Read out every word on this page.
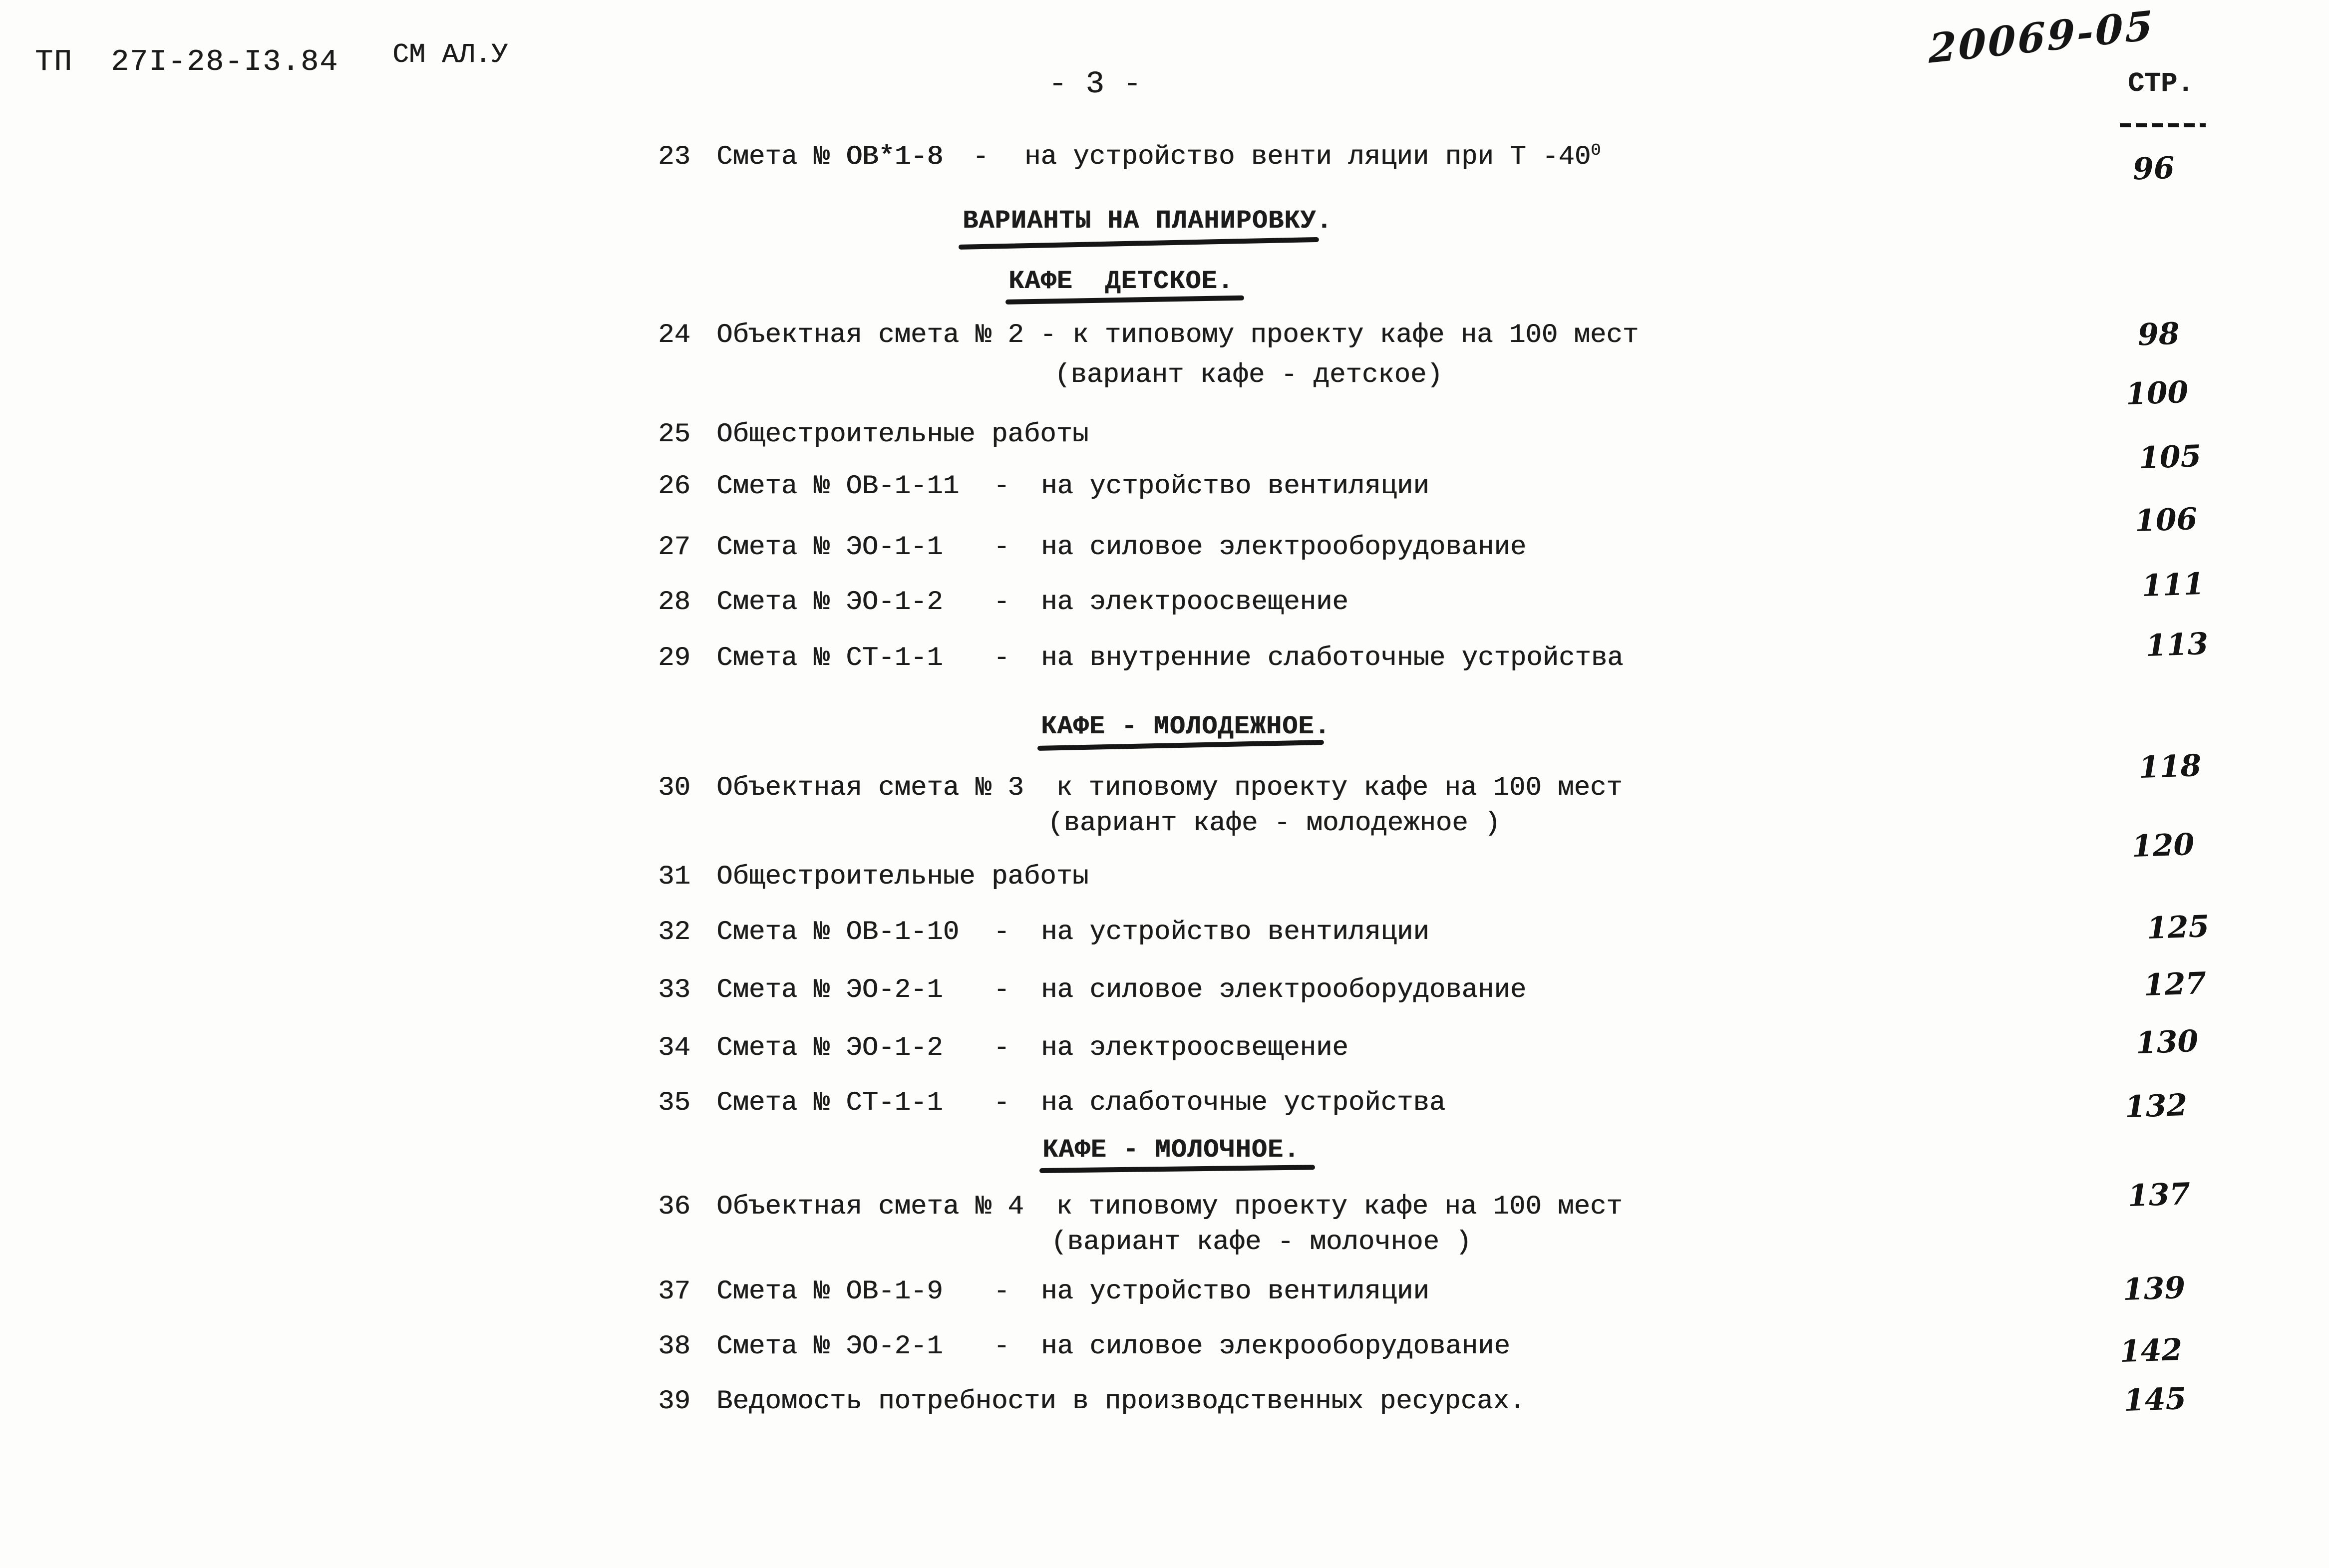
ТП  27I-28-I3.84 СМ АЛ.У	20069-05
- 3 -	СТР.
23 Смета № ОВ*1-8 - на устройство венти ляции при Т $-40^0$
ВАРИАНТЫ НА ПЛАНИРОВКУ.
КАФЕ  ДЕТСКОЕ.
24 Объектная смета № 2 - к типовому проекту кафе на 100 мест
(вариант кафе - детское)
25 Общестроительные работы
26 Смета № ОВ-1-11 - на устройство вентиляции
27 Смета № ЭО-1-1 - на силовое электрооборудование
28 Смета № ЭО-1-2 - на электроосвещение
29 Смета № СТ-1-1 - на внутренние слаботочные устройства
КАФЕ - МОЛОДЕЖНОЕ.
30 Объектная смета № 3  к типовому проекту кафе на 100 мест
(вариант кафе - молодежное )
31 Общестроительные работы
32 Смета № ОВ-1-10 - на устройство вентиляции
33 Смета № ЭО-2-1 - на силовое электрооборудование
34 Смета № ЭО-1-2 - на электроосвещение
35 Смета № СТ-1-1 - на слаботочные устройства
КАФЕ - МОЛОЧНОЕ.
36 Объектная смета № 4  к типовому проекту кафе на 100 мест
(вариант кафе - молочное )
37 Смета № ОВ-1-9 - на устройство вентиляции
38 Смета № ЭО-2-1 - на силовое элекрооборудование
39 Ведомость потребности в производственных ресурсах.
96
98
100
105
106
111
113
118
120
125
127
130
132
137
139
142
145
